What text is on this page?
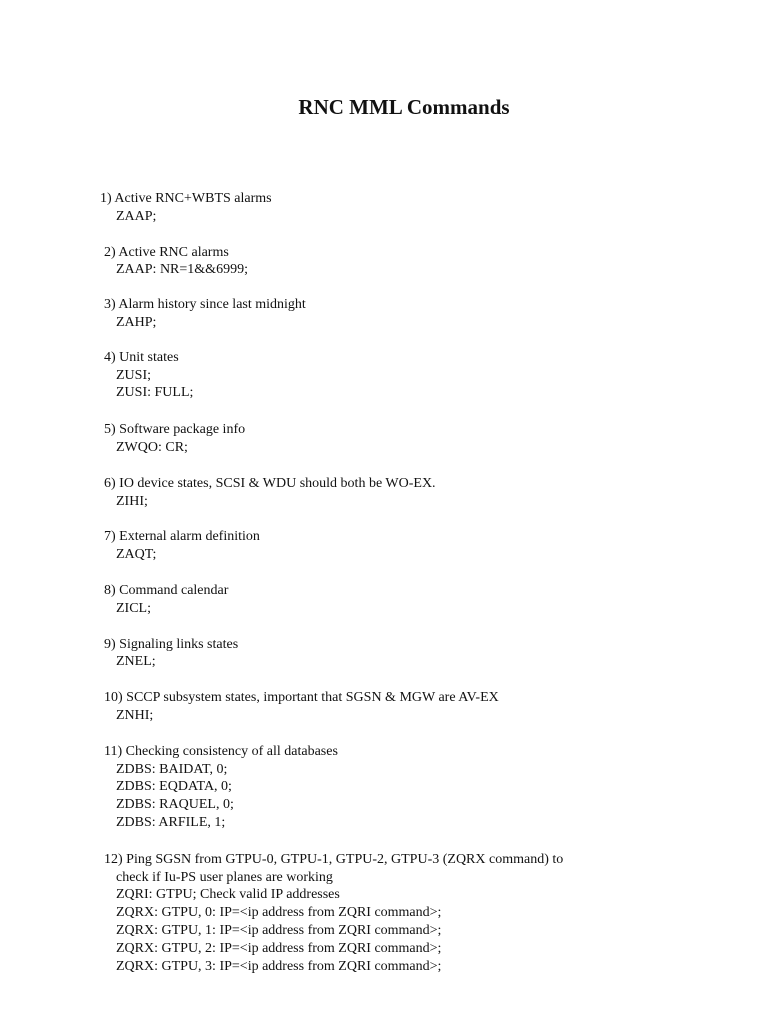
RNC MML Commands
1) Active RNC+WBTS alarms
ZAAP;
2) Active RNC alarms
ZAAP: NR=1&&6999;
3) Alarm history since last midnight
ZAHP;
4) Unit states
ZUSI;
ZUSI: FULL;
5) Software package info
ZWQO: CR;
6) IO device states, SCSI & WDU should both be WO-EX.
ZIHI;
7) External alarm definition
ZAQT;
8) Command calendar
ZICL;
9) Signaling links states
ZNEL;
10) SCCP subsystem states, important that SGSN & MGW are AV-EX
ZNHI;
11) Checking consistency of all databases
ZDBS: BAIDAT, 0;
ZDBS: EQDATA, 0;
ZDBS: RAQUEL, 0;
ZDBS: ARFILE, 1;
12) Ping SGSN from GTPU-0, GTPU-1, GTPU-2, GTPU-3 (ZQRX command) to
check if Iu-PS user planes are working
ZQRI: GTPU; Check valid IP addresses
ZQRX: GTPU, 0: IP=<ip address from ZQRI command>;
ZQRX: GTPU, 1: IP=<ip address from ZQRI command>;
ZQRX: GTPU, 2: IP=<ip address from ZQRI command>;
ZQRX: GTPU, 3: IP=<ip address from ZQRI command>;
